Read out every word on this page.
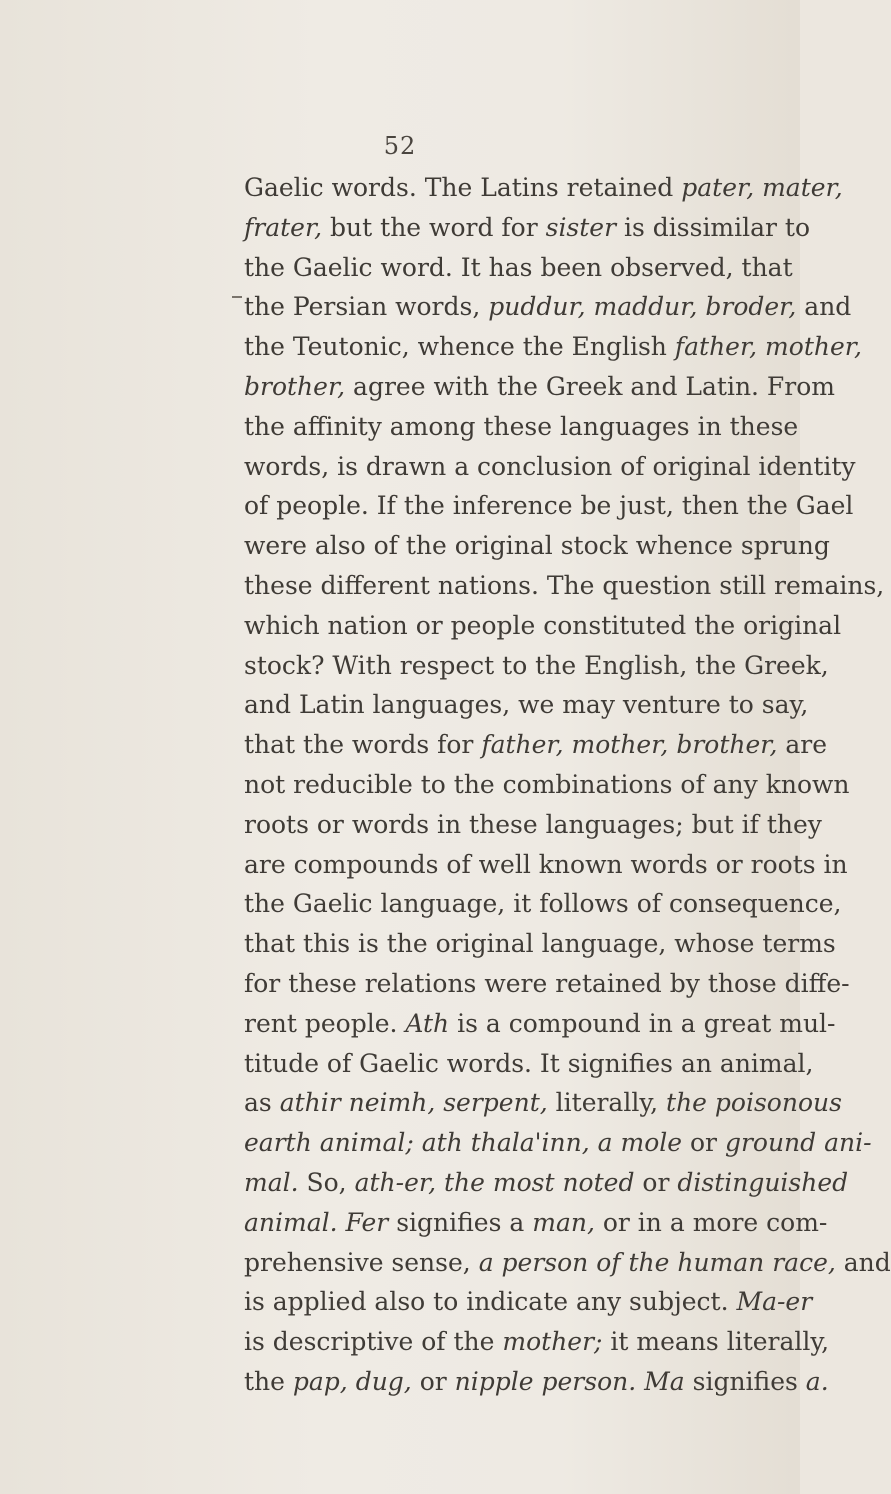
52
Gaelic words. The Latins retained pater, mater,
frater, but the word for sister is dissimilar to
the Gaelic word. It has been observed, that
the Persian words, puddur, maddur, broder, and
the Teutonic, whence the English father, mother,
brother, agree with the Greek and Latin. From
the affinity among these languages in these
words, is drawn a conclusion of original identity
of people. If the inference be just, then the Gael
were also of the original stock whence sprung
these different nations. The question still remains,
which nation or people constituted the original
stock? With respect to the English, the Greek,
and Latin languages, we may venture to say,
that the words for father, mother, brother, are
not reducible to the combinations of any known
roots or words in these languages; but if they
are compounds of well known words or roots in
the Gaelic language, it follows of consequence,
that this is the original language, whose terms
for these relations were retained by those diffe-
rent people. Ath is a compound in a great mul-
titude of Gaelic words. It signifies an animal,
as athir neimh, serpent, literally, the poisonous
earth animal; ath thala'inn, a mole or ground ani-
mal. So, ath-er, the most noted or distinguished
animal. Fer signifies a man, or in a more com-
prehensive sense, a person of the human race, and
is applied also to indicate any subject. Ma-er
is descriptive of the mother; it means literally,
the pap, dug, or nipple person. Ma signifies a.
